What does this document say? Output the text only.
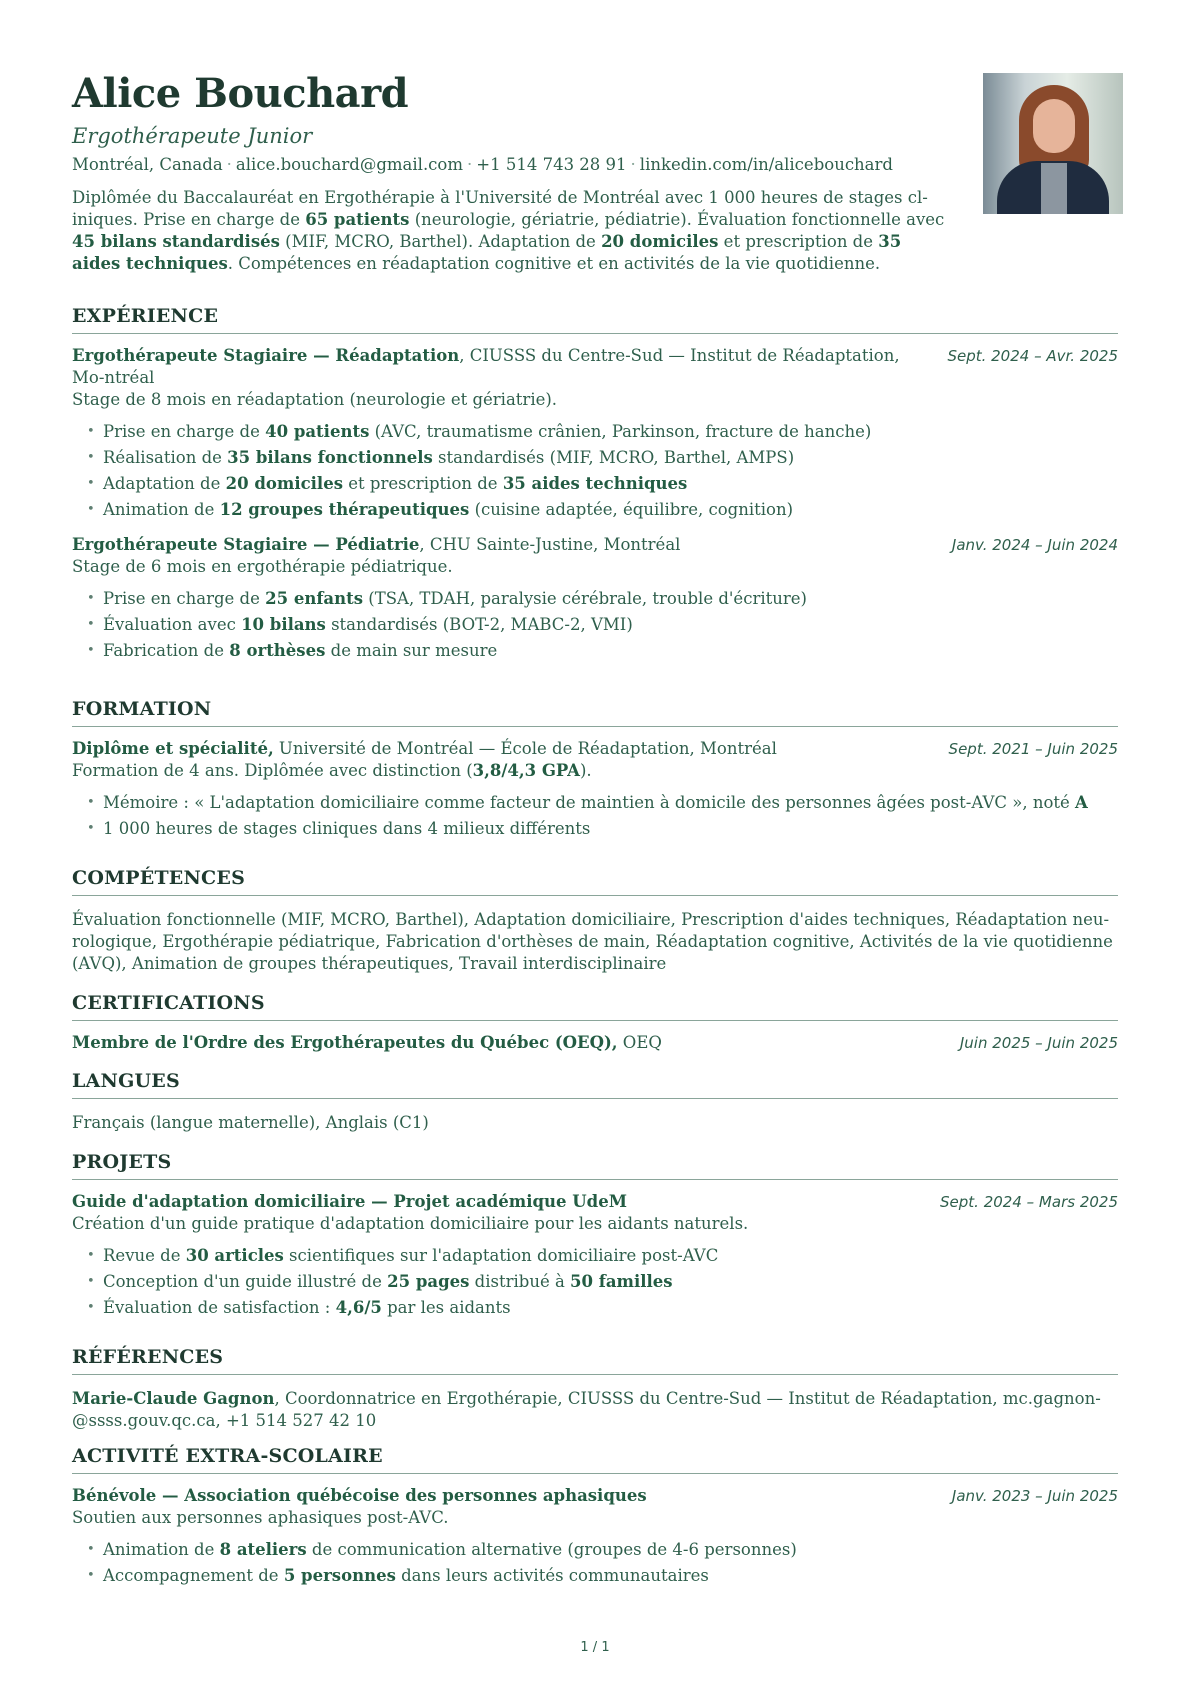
Alice Bouchard
Ergothérapeute Junior
Montréal, Canada · alice.bouchard@gmail.com · +1 514 743 28 91 · linkedin.com/in/alicebouchard
Diplômée du Baccalauréat en Ergothérapie à l'Université de Montréal avec 1 000 heures de stages cl-iniques. Prise en charge de 65 patients (neurologie, gériatrie, pédiatrie). Évaluation fonctionnelle avec 45 bilans standardisés (MIF, MCRO, Barthel). Adaptation de 20 domiciles et prescription de 35 aides techniques. Compétences en réadaptation cognitive et en activités de la vie quotidienne.
EXPÉRIENCE
Ergothérapeute Stagiaire — Réadaptation, CIUSSS du Centre-Sud — Institut de Réadaptation, Mo-ntréal
Sept. 2024 – Avr. 2025
Stage de 8 mois en réadaptation (neurologie et gériatrie).
• Prise en charge de 40 patients (AVC, traumatisme crânien, Parkinson, fracture de hanche)
• Réalisation de 35 bilans fonctionnels standardisés (MIF, MCRO, Barthel, AMPS)
• Adaptation de 20 domiciles et prescription de 35 aides techniques
• Animation de 12 groupes thérapeutiques (cuisine adaptée, équilibre, cognition)
Ergothérapeute Stagiaire — Pédiatrie, CHU Sainte-Justine, Montréal	Janv. 2024 – Juin 2024
Stage de 6 mois en ergothérapie pédiatrique.
• Prise en charge de 25 enfants (TSA, TDAH, paralysie cérébrale, trouble d'écriture)
• Évaluation avec 10 bilans standardisés (BOT-2, MABC-2, VMI)
• Fabrication de 8 orthèses de main sur mesure
FORMATION
Diplôme et spécialité, Université de Montréal — École de Réadaptation, Montréal	Sept. 2021 – Juin 2025
Formation de 4 ans. Diplômée avec distinction (3,8/4,3 GPA).
• Mémoire : « L'adaptation domiciliaire comme facteur de maintien à domicile des personnes âgées post-AVC », noté A
• 1 000 heures de stages cliniques dans 4 milieux différents
COMPÉTENCES
Évaluation fonctionnelle (MIF, MCRO, Barthel), Adaptation domiciliaire, Prescription d'aides techniques, Réadaptation neu-rologique, Ergothérapie pédiatrique, Fabrication d'orthèses de main, Réadaptation cognitive, Activités de la vie quotidienne (AVQ), Animation de groupes thérapeutiques, Travail interdisciplinaire
CERTIFICATIONS
Membre de l'Ordre des Ergothérapeutes du Québec (OEQ), OEQ	Juin 2025 – Juin 2025
LANGUES
Français (langue maternelle), Anglais (C1)
PROJETS
Guide d'adaptation domiciliaire — Projet académique UdeM	Sept. 2024 – Mars 2025
Création d'un guide pratique d'adaptation domiciliaire pour les aidants naturels.
• Revue de 30 articles scientifiques sur l'adaptation domiciliaire post-AVC
• Conception d'un guide illustré de 25 pages distribué à 50 familles
• Évaluation de satisfaction : 4,6/5 par les aidants
RÉFÉRENCES
Marie-Claude Gagnon, Coordonnatrice en Ergothérapie, CIUSSS du Centre-Sud — Institut de Réadaptation, mc.gagnon-@ssss.gouv.qc.ca, +1 514 527 42 10
ACTIVITÉ EXTRA-SCOLAIRE
Bénévole — Association québécoise des personnes aphasiques	Janv. 2023 – Juin 2025
Soutien aux personnes aphasiques post-AVC.
• Animation de 8 ateliers de communication alternative (groupes de 4-6 personnes)
• Accompagnement de 5 personnes dans leurs activités communautaires
1 / 1
